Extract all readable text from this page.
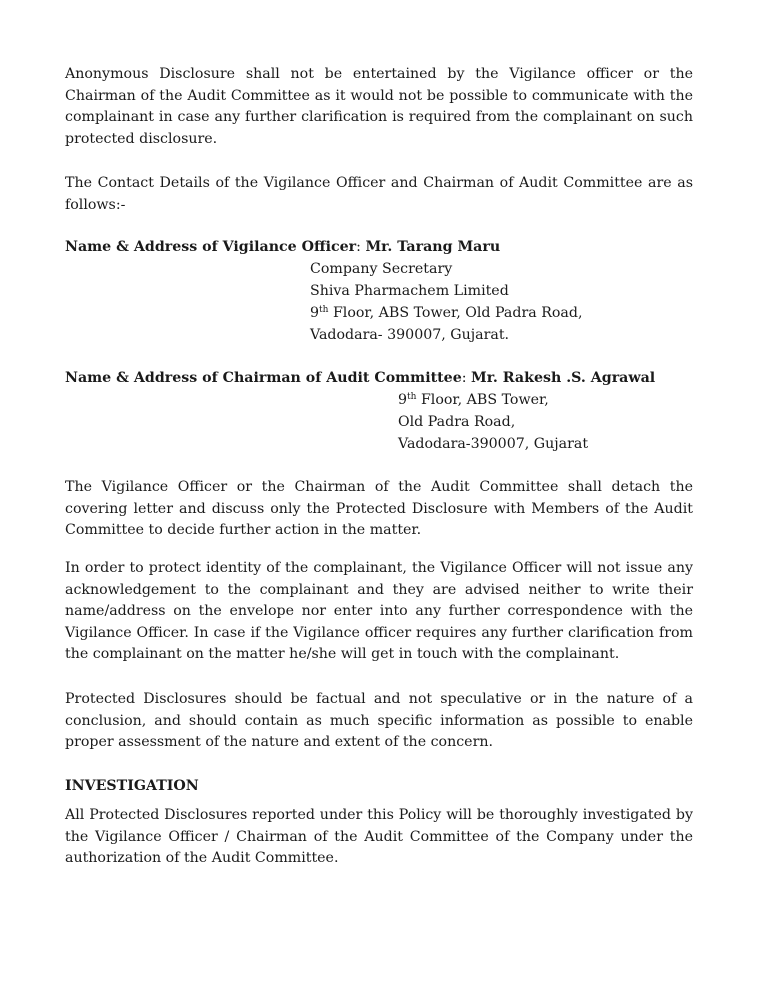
Anonymous Disclosure shall not be entertained by the Vigilance officer or the Chairman of the Audit Committee as it would not be possible to communicate with the complainant in case any further clarification is required from the complainant on such protected disclosure.

The Contact Details of the Vigilance Officer and Chairman of Audit Committee are as follows:-

Name & Address of Vigilance Officer: Mr. Tarang Maru

Company Secretary

Shiva Pharmachem Limited

9th Floor, ABS Tower, Old Padra Road,

Vadodara- 390007, Gujarat.

Name & Address of Chairman of Audit Committee: Mr. Rakesh .S. Agrawal

9th Floor, ABS Tower,

Old Padra Road,

Vadodara-390007, Gujarat

The Vigilance Officer or the Chairman of the Audit Committee shall detach the covering letter and discuss only the Protected Disclosure with Members of the Audit Committee to decide further action in the matter.

In order to protect identity of the complainant, the Vigilance Officer will not issue any acknowledgement to the complainant and they are advised neither to write their name/address on the envelope nor enter into any further correspondence with the Vigilance Officer. In case if the Vigilance officer requires any further clarification from the complainant on the matter he/she will get in touch with the complainant.

Protected Disclosures should be factual and not speculative or in the nature of a conclusion, and should contain as much specific information as possible to enable proper assessment of the nature and extent of the concern.

INVESTIGATION

All Protected Disclosures reported under this Policy will be thoroughly investigated by the Vigilance Officer / Chairman of the Audit Committee of the Company under the authorization of the Audit Committee.
